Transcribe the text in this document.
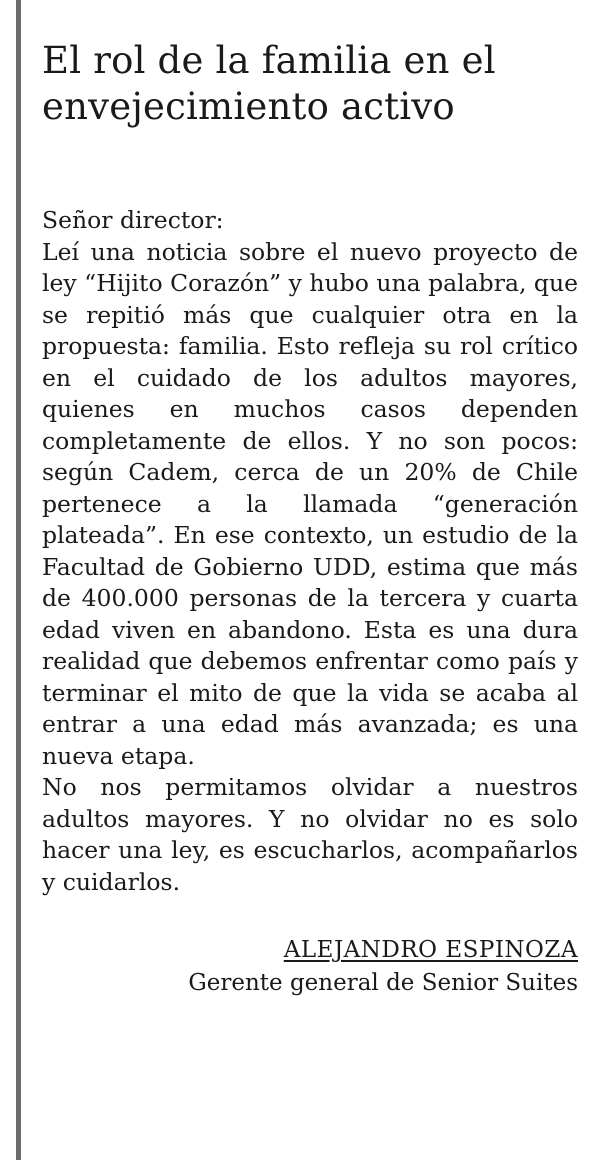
El rol de la familia en el envejecimiento activo

Señor director:

Leí una noticia sobre el nuevo proyecto de ley “Hijito Corazón” y hubo una palabra, que se repitió más que cualquier otra en la propuesta: familia. Esto refleja su rol crítico en el cuidado de los adultos mayores, quienes en muchos casos dependen completamente de ellos. Y no son pocos: según Cadem, cerca de un 20% de Chile pertenece a la llamada “generación plateada”. En ese contexto, un estudio de la Facultad de Gobierno UDD, estima que más de 400.000 personas de la tercera y cuarta edad viven en abandono. Esta es una dura realidad que debemos enfrentar como país y terminar el mito de que la vida se acaba al entrar a una edad más avanzada; es una nueva etapa.

No nos permitamos olvidar a nuestros adultos mayores. Y no olvidar no es solo hacer una ley, es escucharlos, acompañarlos y cuidarlos.

ALEJANDRO ESPINOZA
Gerente general de Senior Suites
